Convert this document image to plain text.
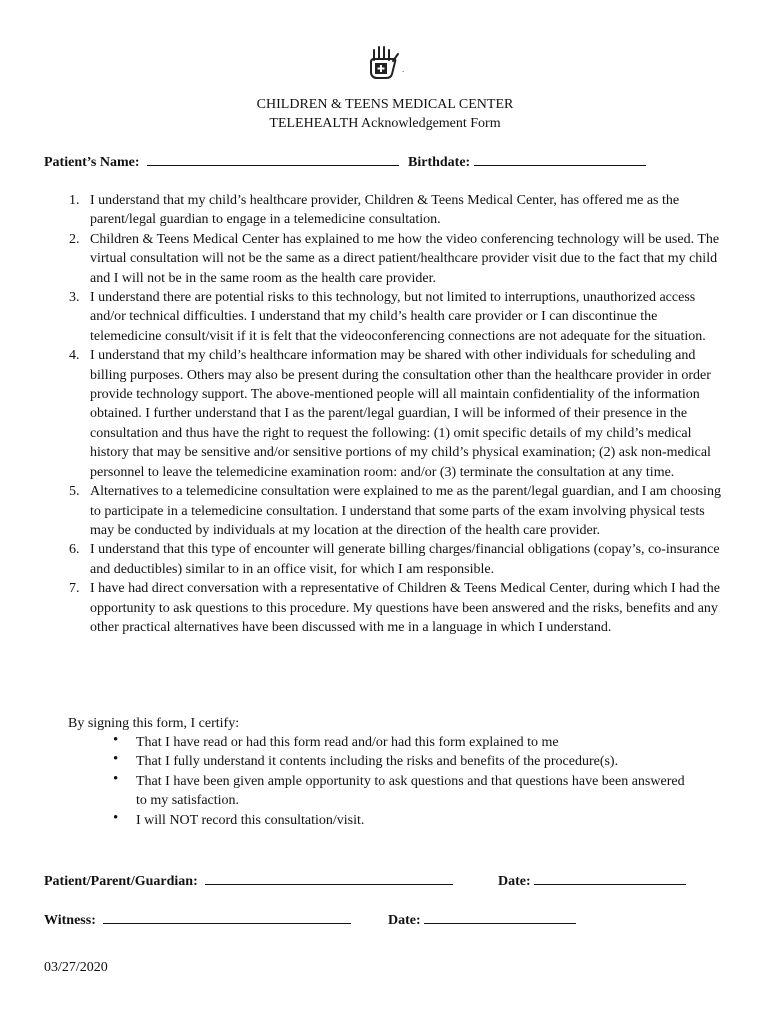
.
CHILDREN & TEENS MEDICAL CENTER
TELEHEALTH Acknowledgement Form
Patient’s Name:	Birthdate:
1. I understand that my child’s healthcare provider, Children & Teens Medical Center, has offered me as the parent/legal guardian to engage in a telemedicine consultation.
2. Children & Teens Medical Center has explained to me how the video conferencing technology will be used. The virtual consultation will not be the same as a direct patient/healthcare provider visit due to the fact that my child and I will not be in the same room as the health care provider.
3. I understand there are potential risks to this technology, but not limited to interruptions, unauthorized access and/or technical difficulties. I understand that my child’s health care provider or I can discontinue the telemedicine consult/visit if it is felt that the videoconferencing connections are not adequate for the situation.
4. I understand that my child’s healthcare information may be shared with other individuals for scheduling and billing purposes. Others may also be present during the consultation other than the healthcare provider in order provide technology support. The above-mentioned people will all maintain confidentiality of the information obtained. I further understand that I as the parent/legal guardian, I will be informed of their presence in the consultation and thus have the right to request the following: (1) omit specific details of my child’s medical history that may be sensitive and/or sensitive portions of my child’s physical examination; (2) ask non-medical personnel to leave the telemedicine examination room: and/or (3) terminate the consultation at any time.
5. Alternatives to a telemedicine consultation were explained to me as the parent/legal guardian, and I am choosing to participate in a telemedicine consultation. I understand that some parts of the exam involving physical tests may be conducted by individuals at my location at the direction of the health care provider.
6. I understand that this type of encounter will generate billing charges/financial obligations (copay’s, co-insurance and deductibles) similar to in an office visit, for which I am responsible.
7. I have had direct conversation with a representative of Children & Teens Medical Center, during which I had the opportunity to ask questions to this procedure. My questions have been answered and the risks, benefits and any other practical alternatives have been discussed with me in a language in which I understand.
By signing this form, I certify:
• That I have read or had this form read and/or had this form explained to me
• That I fully understand it contents including the risks and benefits of the procedure(s).
• That I have been given ample opportunity to ask questions and that questions have been answered to my satisfaction.
• I will NOT record this consultation/visit.
Patient/Parent/Guardian:	Date:
Witness:	Date:
03/27/2020
